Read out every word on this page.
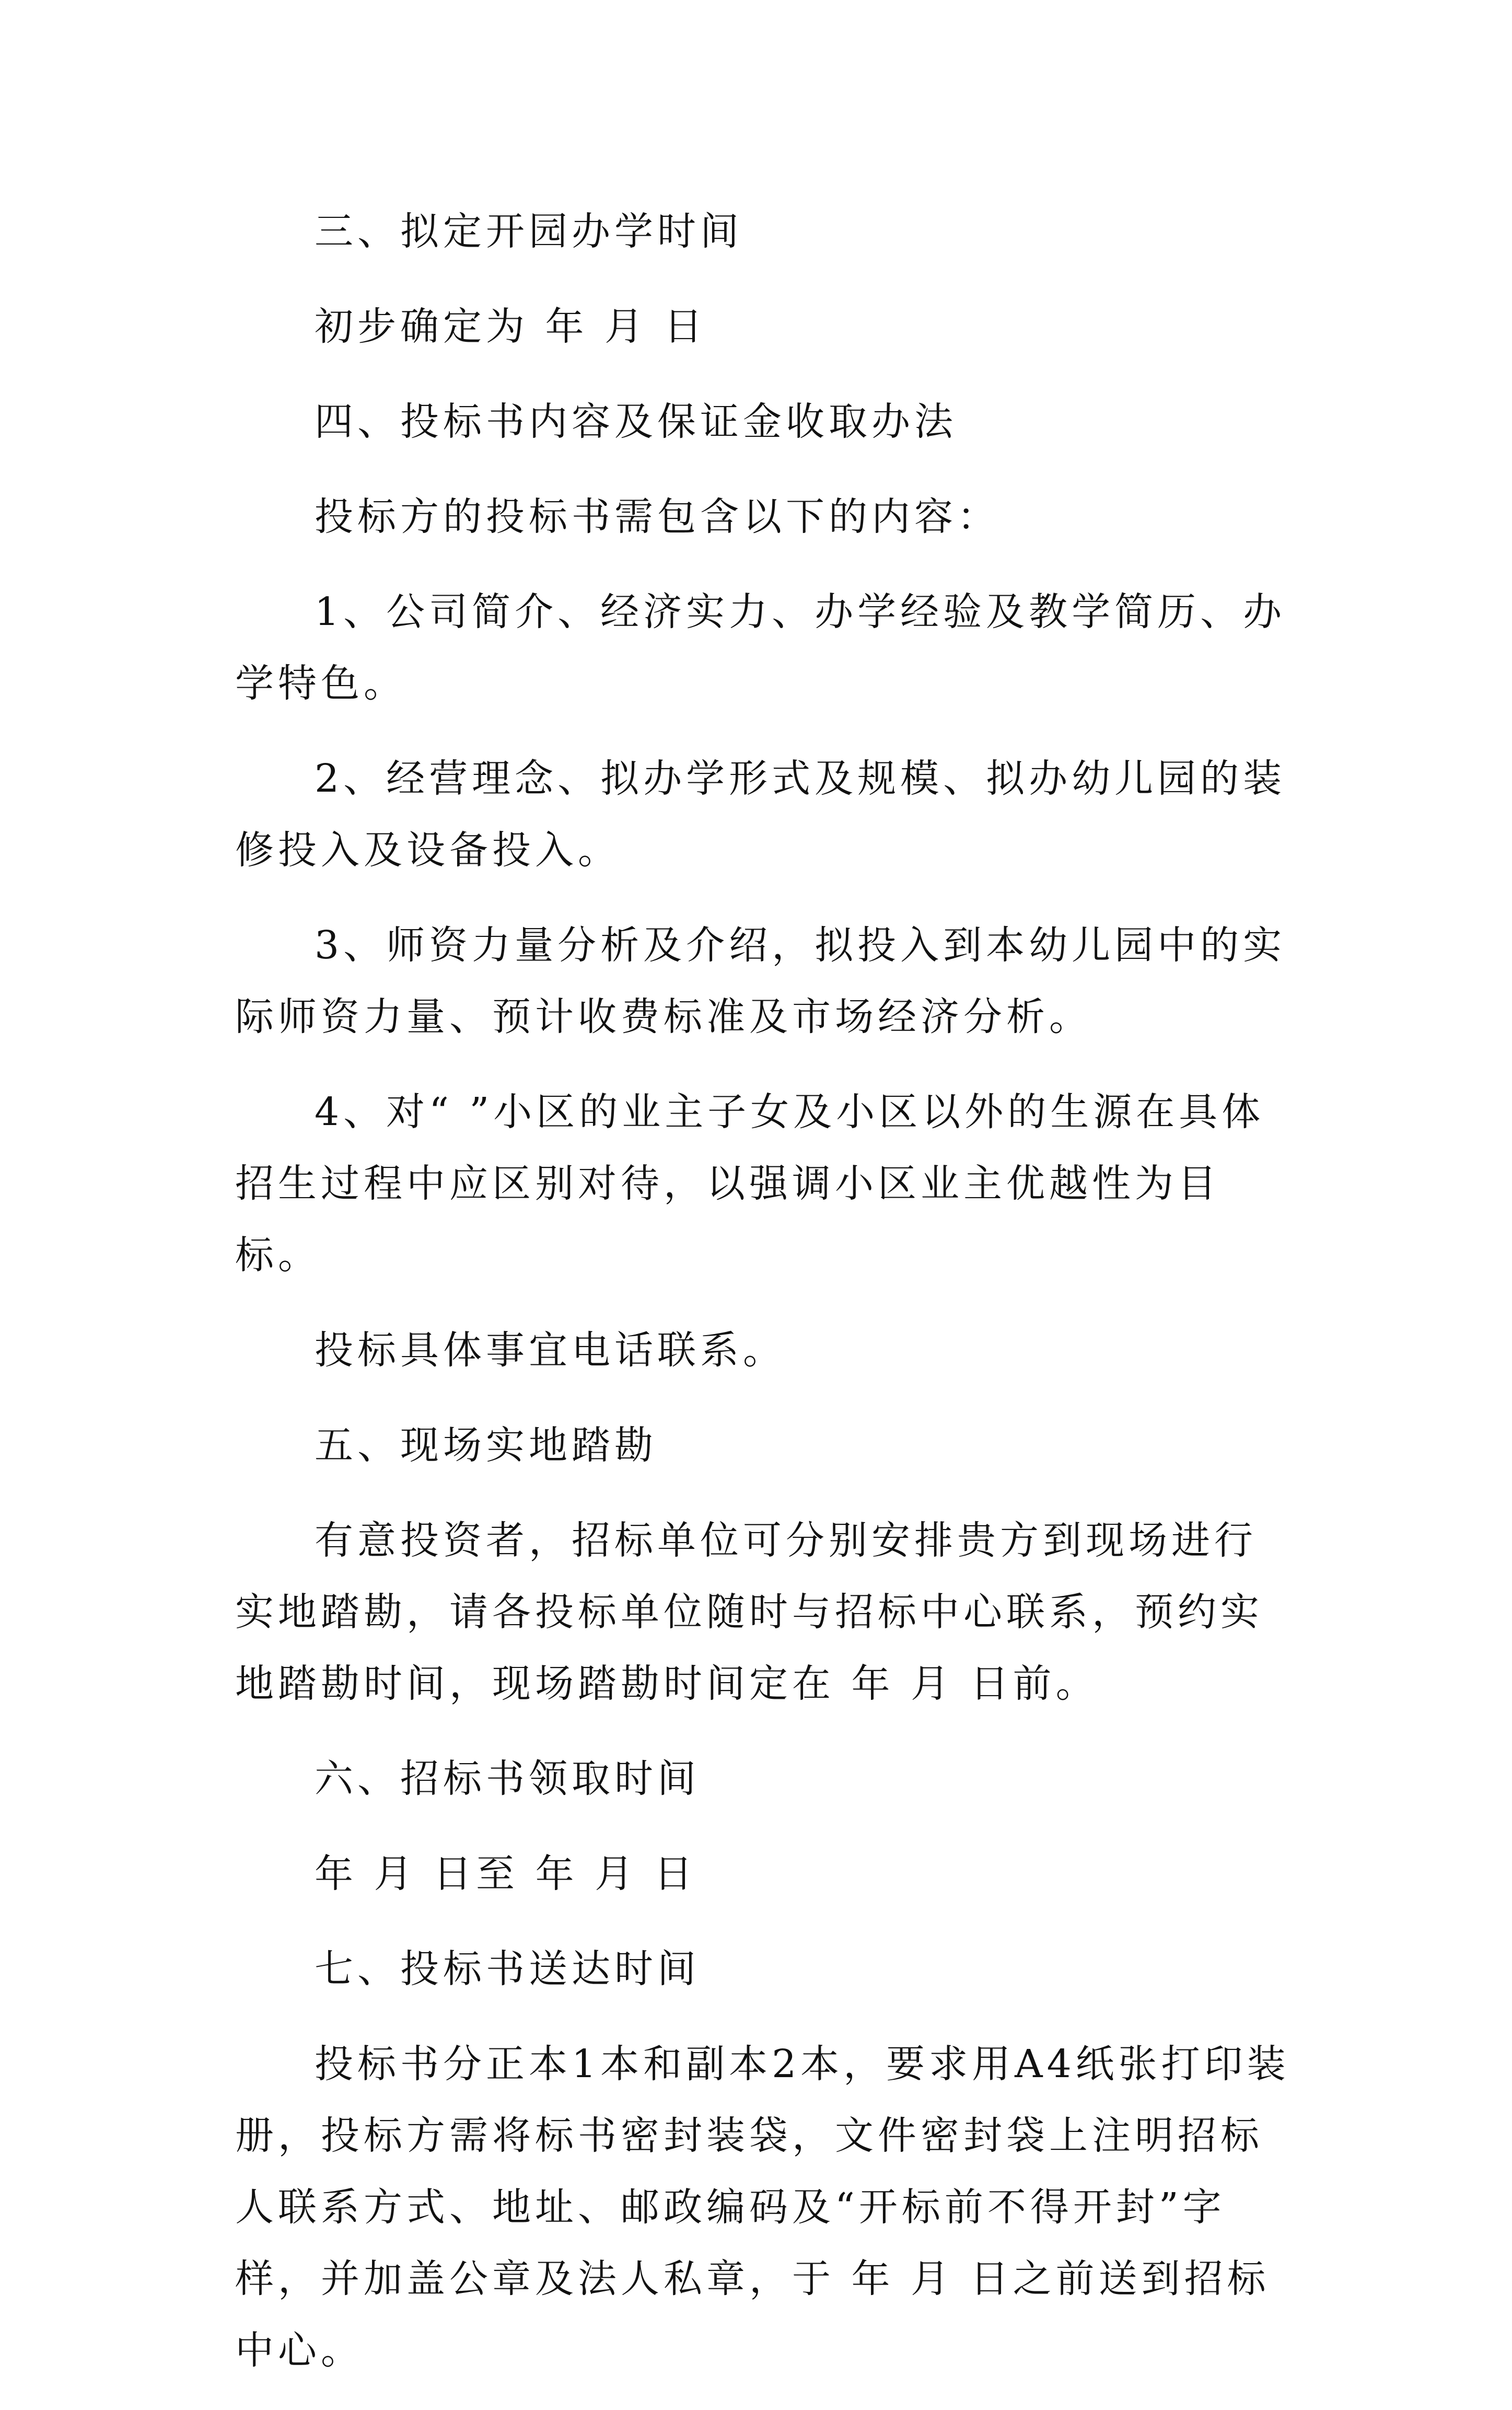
三、拟定开园办学时间

初步确定为 年 月 日

四、投标书内容及保证金收取办法

投标方的投标书需包含以下的内容：

1、公司简介、经济实力、办学经验及教学简历、办学特色。

2、经营理念、拟办学形式及规模、拟办幼儿园的装修投入及设备投入。

3、师资力量分析及介绍，拟投入到本幼儿园中的实际师资力量、预计收费标准及市场经济分析。

4、对“ ”小区的业主子女及小区以外的生源在具体招生过程中应区别对待，以强调小区业主优越性为目标。

投标具体事宜电话联系。

五、现场实地踏勘

有意投资者，招标单位可分别安排贵方到现场进行实地踏勘，请各投标单位随时与招标中心联系，预约实地踏勘时间，现场踏勘时间定在 年 月 日前。

六、招标书领取时间

年 月 日至 年 月 日

七、投标书送达时间

投标书分正本1本和副本2本，要求用A4纸张打印装册，投标方需将标书密封装袋，文件密封袋上注明招标人联系方式、地址、邮政编码及“开标前不得开封”字样，并加盖公章及法人私章，于 年 月 日之前送到招标中心。
